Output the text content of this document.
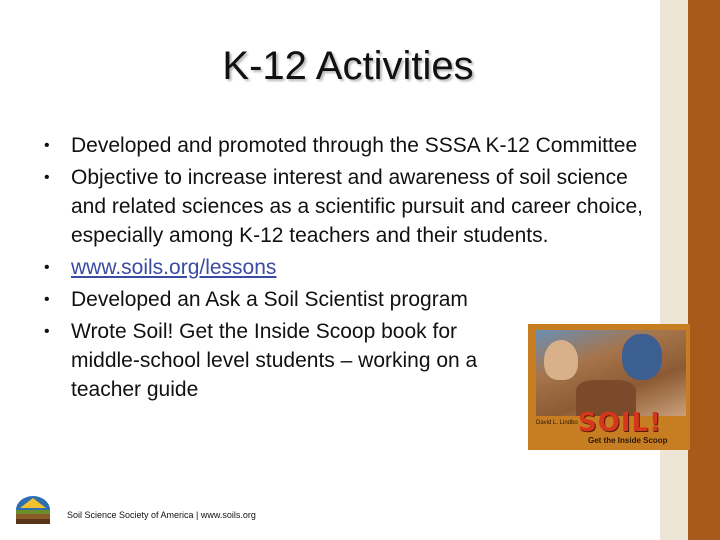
K-12 Activities
• Developed and promoted through the SSSA K-12 Committee
• Objective to increase interest and awareness of soil science and related sciences as a scientific pursuit and career choice, especially among K-12 teachers and their students.
• www.soils.org/lessons
• Developed an Ask a Soil Scientist program
• Wrote Soil! Get the Inside Scoop book for middle-school level students – working on a teacher guide
David L. Lindbo SOIL!
Get the Inside Scoop
Soil Science Society of America | www.soils.org
